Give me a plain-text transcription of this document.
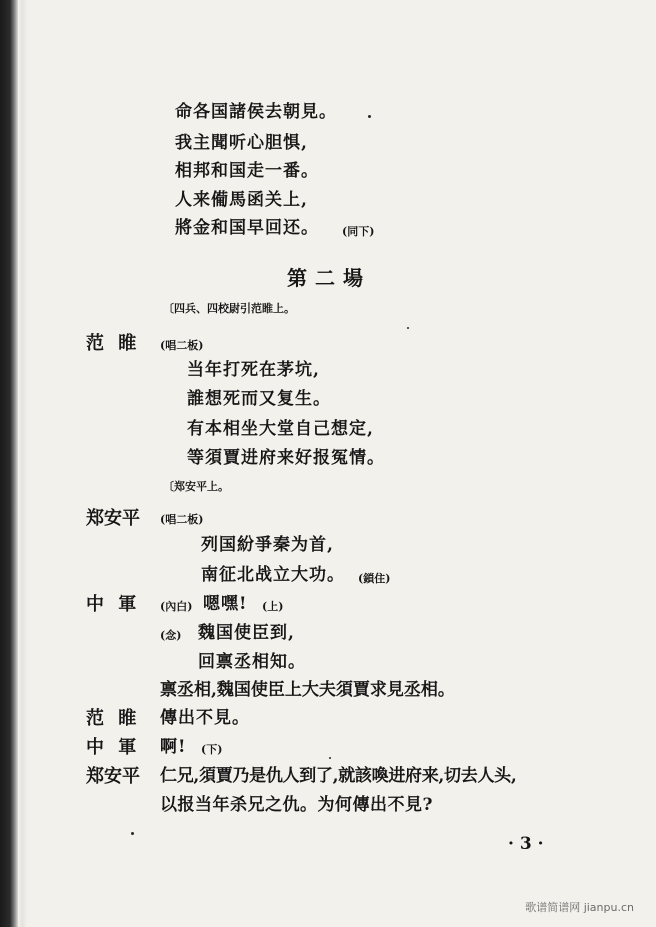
命各国諸侯去朝見。
我主聞听心胆惧,
相邦和国走一番。
人来僃馬函关上,
將金和国早回还。 (同下)
第二場
〔四兵、四校尉引范睢上。
范 睢 (唱二板)
当年打死在茅坑,
誰想死而又复生。
有本相坐大堂自己想定,
等須賈进府来好报冤情。
〔郑安平上。
郑安平 (唱二板)
列国紛爭秦为首,
南征北战立大功。 (鎖住)
中 軍 (內白) 嗯嘿! (上)
(念) 魏国使臣到,
回禀丞相知。
禀丞相,魏国使臣上大夫須賈求見丞相。
范 睢 傳出不見。
中 軍 啊! (下)
郑安平 仁兄,須賈乃是仇人到了,就該喚进府来,切去人头,
以报当年杀兄之仇。为何傳出不見?
· 3 ·
歌谱简谱网 jianpu.cn
